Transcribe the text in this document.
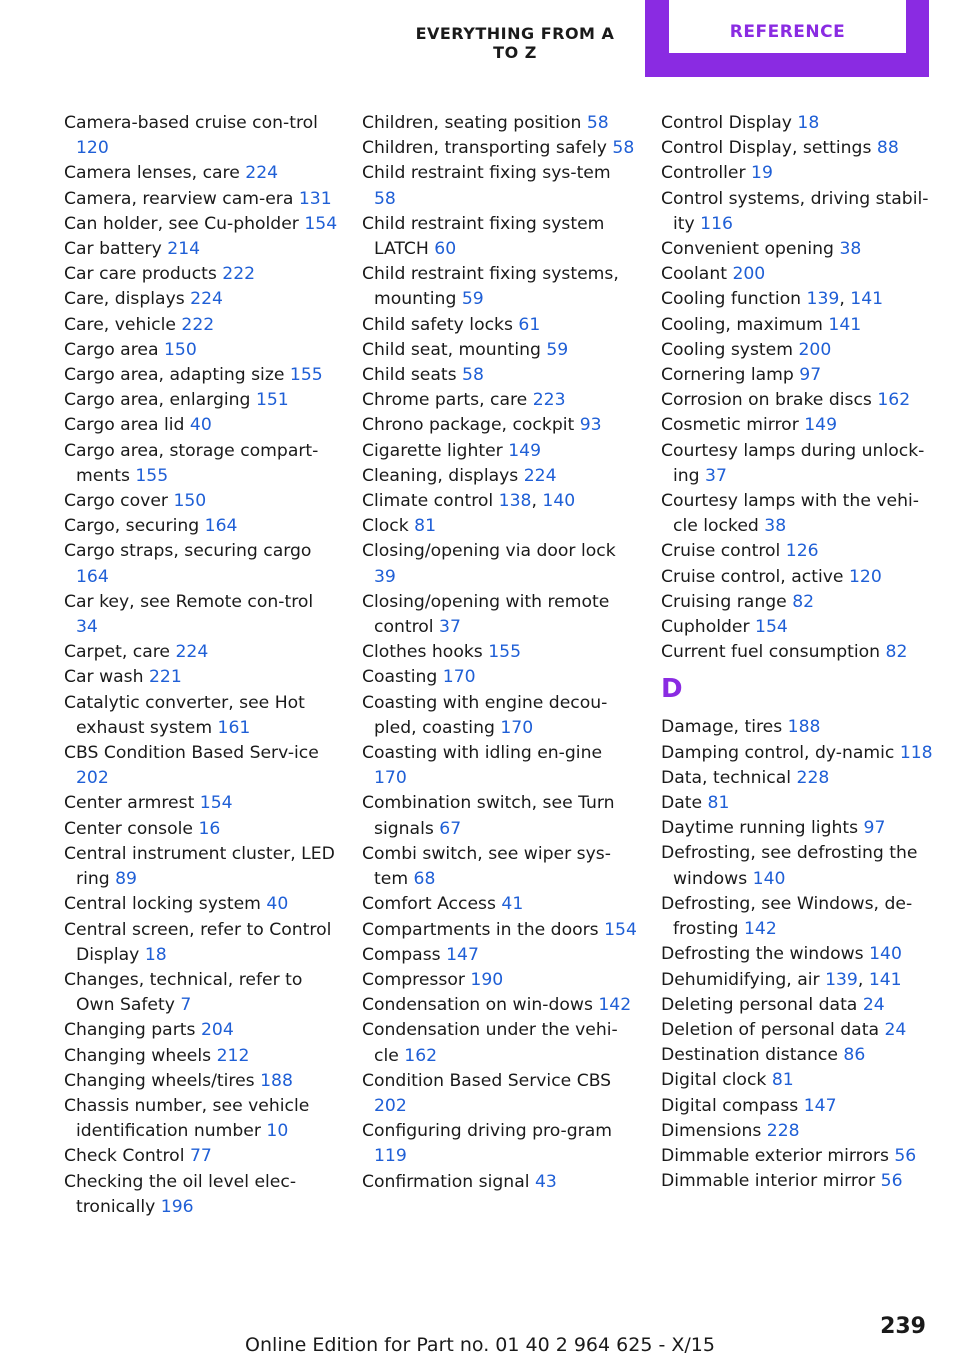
EVERYTHING FROM A TO Z
REFERENCE

Camera-based cruise con-trol 120

Camera lenses, care 224

Camera, rearview cam-era 131

Can holder, see Cu-pholder 154

Car battery 214

Car care products 222

Care, displays 224

Care, vehicle 222

Cargo area 150

Cargo area, adapting size 155

Cargo area, enlarging 151

Cargo area lid 40

Cargo area, storage compart-ments 155

Cargo cover 150

Cargo, securing 164

Cargo straps, securing cargo 164

Car key, see Remote con-trol 34

Carpet, care 224

Car wash 221

Catalytic converter, see Hot exhaust system 161

CBS Condition Based Serv-ice 202

Center armrest 154

Center console 16

Central instrument cluster, LED ring 89

Central locking system 40

Central screen, refer to Control Display 18

Changes, technical, refer to Own Safety 7

Changing parts 204

Changing wheels 212

Changing wheels/tires 188

Chassis number, see vehicle identification number 10

Check Control 77

Checking the oil level elec-tronically 196

Children, seating position 58

Children, transporting safely 58

Child restraint fixing sys-tem 58

Child restraint fixing system LATCH 60

Child restraint fixing systems, mounting 59

Child safety locks 61

Child seat, mounting 59

Child seats 58

Chrome parts, care 223

Chrono package, cockpit 93

Cigarette lighter 149

Cleaning, displays 224

Climate control 138, 140

Clock 81

Closing/opening via door lock 39

Closing/opening with remote control 37

Clothes hooks 155

Coasting 170

Coasting with engine decou-pled, coasting 170

Coasting with idling en-gine 170

Combination switch, see Turn signals 67

Combi switch, see wiper sys-tem 68

Comfort Access 41

Compartments in the doors 154

Compass 147

Compressor 190

Condensation on win-dows 142

Condensation under the vehi-cle 162

Condition Based Service CBS 202

Configuring driving pro-gram 119

Confirmation signal 43

Control Display 18

Control Display, settings 88

Controller 19

Control systems, driving stabil-ity 116

Convenient opening 38

Coolant 200

Cooling function 139, 141

Cooling, maximum 141

Cooling system 200

Cornering lamp 97

Corrosion on brake discs 162

Cosmetic mirror 149

Courtesy lamps during unlock-ing 37

Courtesy lamps with the vehi-cle locked 38

Cruise control 126

Cruise control, active 120

Cruising range 82

Cupholder 154

Current fuel consumption 82

D

Damage, tires 188

Damping control, dy-namic 118

Data, technical 228

Date 81

Daytime running lights 97

Defrosting, see defrosting the windows 140

Defrosting, see Windows, de-frosting 142

Defrosting the windows 140

Dehumidifying, air 139, 141

Deleting personal data 24

Deletion of personal data 24

Destination distance 86

Digital clock 81

Digital compass 147

Dimensions 228

Dimmable exterior mirrors 56

Dimmable interior mirror 56

239
Online Edition for Part no. 01 40 2 964 625 - X/15
